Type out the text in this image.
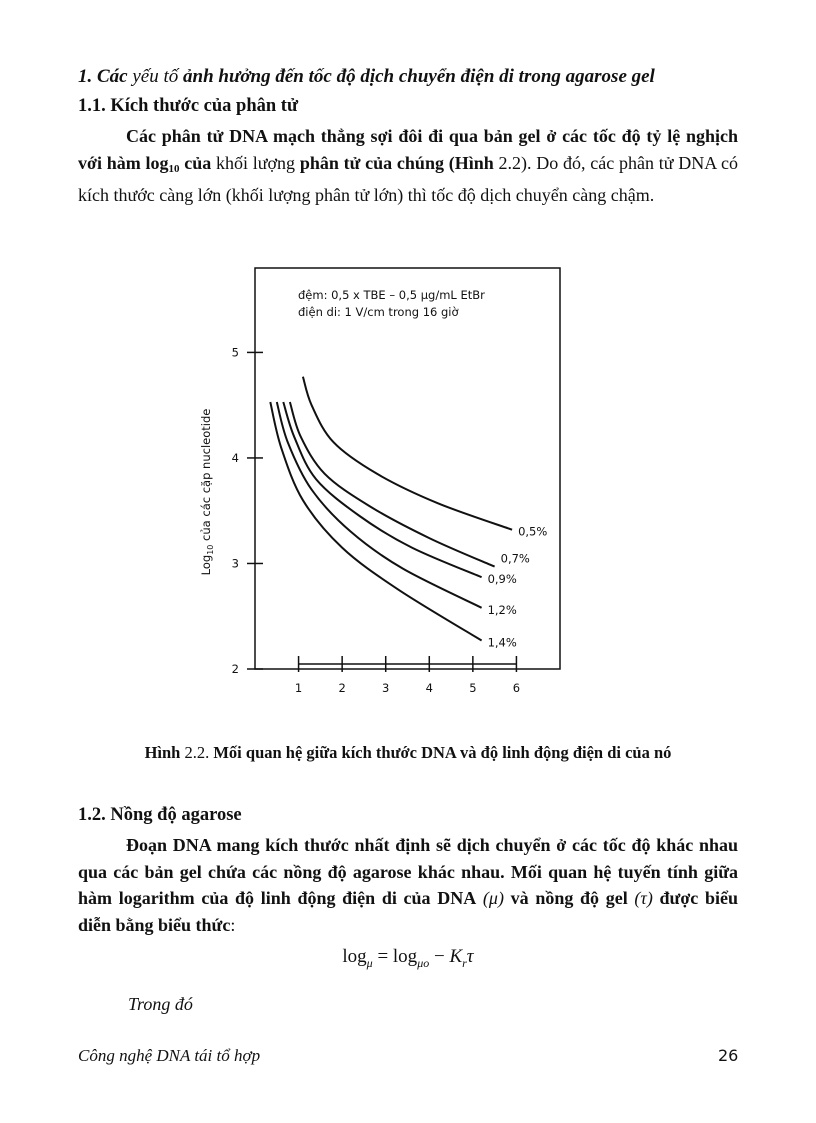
1. Các yếu tố ảnh hưởng đến tốc độ dịch chuyển điện di trong agarose gel
1.1. Kích thước của phân tử

Các phân tử DNA mạch thẳng sợi đôi đi qua bản gel ở các tốc độ tỷ lệ nghịch với hàm $\log_{10}$ của khối lượng phân tử của chúng (Hình 2.2). Do đó, các phân tử DNA có kích thước càng lớn (khối lượng phân tử lớn) thì tốc độ dịch chuyển càng chậm.

đệm: 0,5 x TBE – 0,5 μg/mL EtBr
điện di: 1 V/cm trong 16 giờ
2
3
4
5
1	2	3	4	5	6
0,5%
0,7%
0,9%
1,2%
1,4%
Log$_{10}$ của các cặp nucleotide
Hình 2.2. Mối quan hệ giữa kích thước DNA và độ linh động điện di của nó
1.2. Nồng độ agarose

Đoạn DNA mang kích thước nhất định sẽ dịch chuyển ở các tốc độ khác nhau qua các bản gel chứa các nồng độ agarose khác nhau. Mối quan hệ tuyến tính giữa hàm logarithm của độ linh động điện di của DNA (μ) và nồng độ gel (τ) được biểu diễn bằng biểu thức:

$\log_\mu = \log_{\mu o} - K_r\tau$
Trong đó
Công nghệ DNA tái tổ hợp	26
